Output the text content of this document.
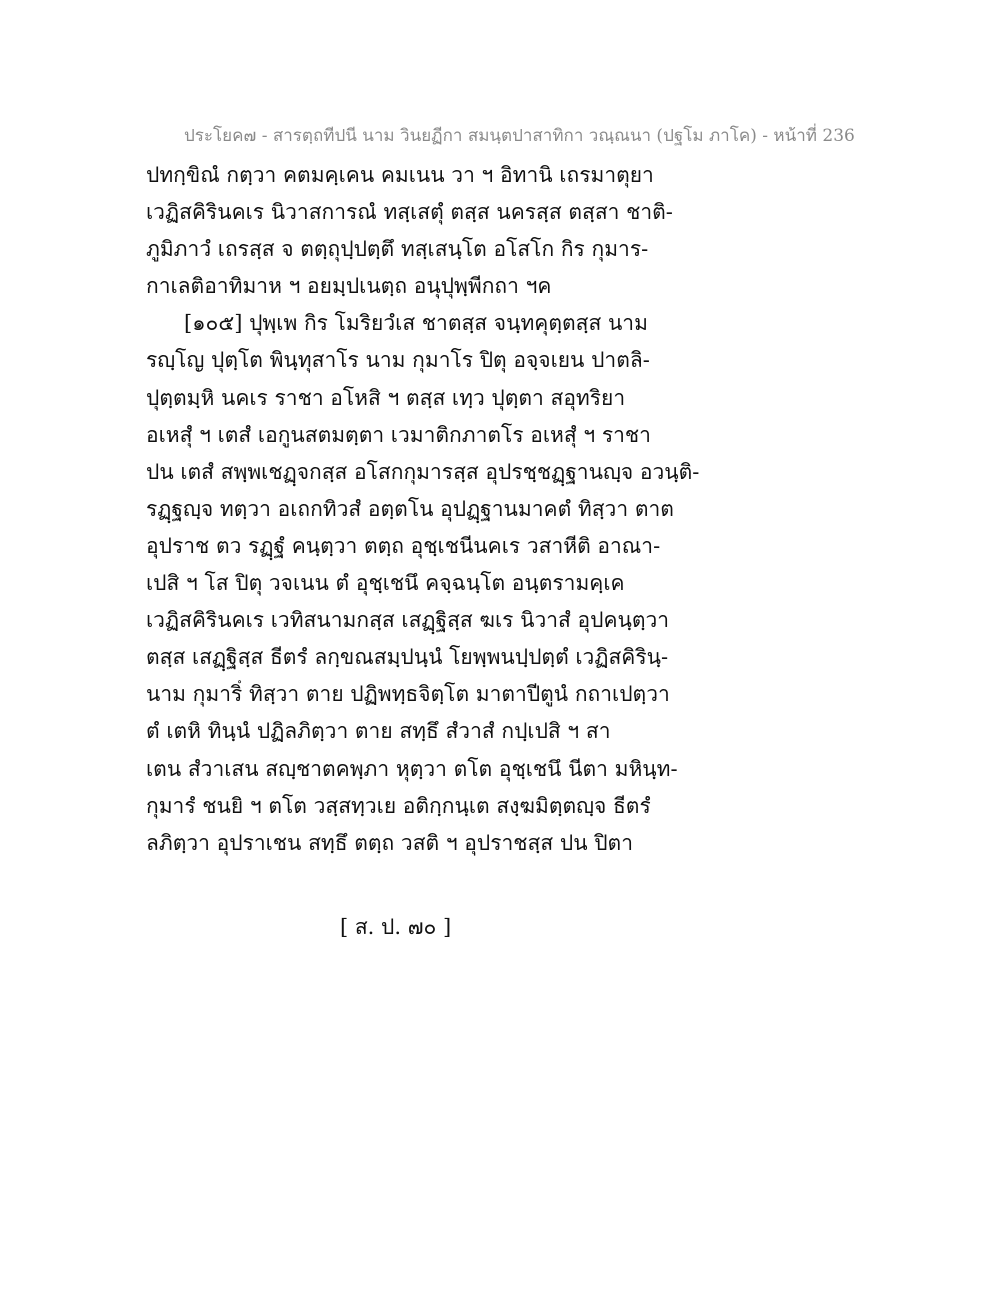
ประโยค๗ - สารตฺถทีปนี นาม วินยฏีกา สมนฺตปาสาทิกา วณฺณนา (ปฐโม ภาโค) - หน้าที่ 236
ปทกฺขิณํ กตฺวา คตมคฺเคน คมเนน วา ฯ อิทานิ เถรมาตุยา
เวฏิสคิรินคเร นิวาสการณํ ทสฺเสตุํ ตสฺส นครสฺส ตสฺสา ชาติ-
ภูมิภาวํ เถรสฺส จ ตตฺถุปฺปตฺตึ ทสฺเสนฺโต อโสโก กิร กุมาร-
กาเลติอาทิมาห ฯ อยมฺปเนตฺถ อนุปุพฺพีกถา ฯค
[๑๐๕] ปุพฺเพ กิร โมริยวํเส ชาตสฺส จนฺทคุตฺตสฺส นาม
รญฺโญ ปุตฺโต พินฺทุสาโร นาม กุมาโร ปิตุ อจฺจเยน ปาตลิ-
ปุตฺตมฺหิ นคเร ราชา อโหสิ ฯ ตสฺส เทฺว ปุตฺตา สอุทริยา
อเหสุํ ฯ เตสํ เอกูนสตมตฺตา เวมาติกภาตโร อเหสุํ ฯ ราชา
ปน เตสํ สพฺพเชฏฺจกสฺส อโสกกุมารสฺส อุปรชฺชฏฺฐานญฺจ อวนฺติ-
รฏฺฐญฺจ ทตฺวา อเถกทิวสํ อตฺตโน อุปฏฺฐานมาคตํ ทิสฺวา ตาต
อุปราช ตว รฏฺฐํ คนฺตฺวา ตตฺถ อุชฺเชนีนคเร วสาหีติ อาณา-
เปสิ ฯ โส ปิตุ วจเนน ตํ อุชฺเชนึ คจฺฉนฺโต อนฺตรามคฺเค
เวฏิสคิรินคเร เวทิสนามกสฺส เสฏฺฐิสฺส ฆเร นิวาสํ อุปคนฺตฺวา
ตสฺส เสฏฺฐิสฺส ธีตรํ ลกฺขณสมฺปนฺนํ โยพฺพนปฺปตฺตํ เวฏิสคิรินฺ-
นาม กุมาริํ ทิสฺวา ตาย ปฏิพทฺธจิตฺโต มาตาปีตูนํ กถาเปตฺวา
ตํ เตหิ ทินฺนํ ปฏิลภิตฺวา ตาย สทฺธึ สํวาสํ กปฺเปสิ ฯ สา
เตน สํวาเสน สญฺชาตคพฺภา หุตฺวา ตโต อุชฺเชนึ นีตา มหินฺท-
กุมารํ ชนยิ ฯ ตโต วสฺสทฺวเย อติกฺกนฺเต สงฺฆมิตฺตญฺจ ธีตรํ
ลภิตฺวา อุปราเชน สทฺธึ ตตฺถ วสติ ฯ อุปราชสฺส ปน ปิตา
[ ส. ป. ๗๐ ]
